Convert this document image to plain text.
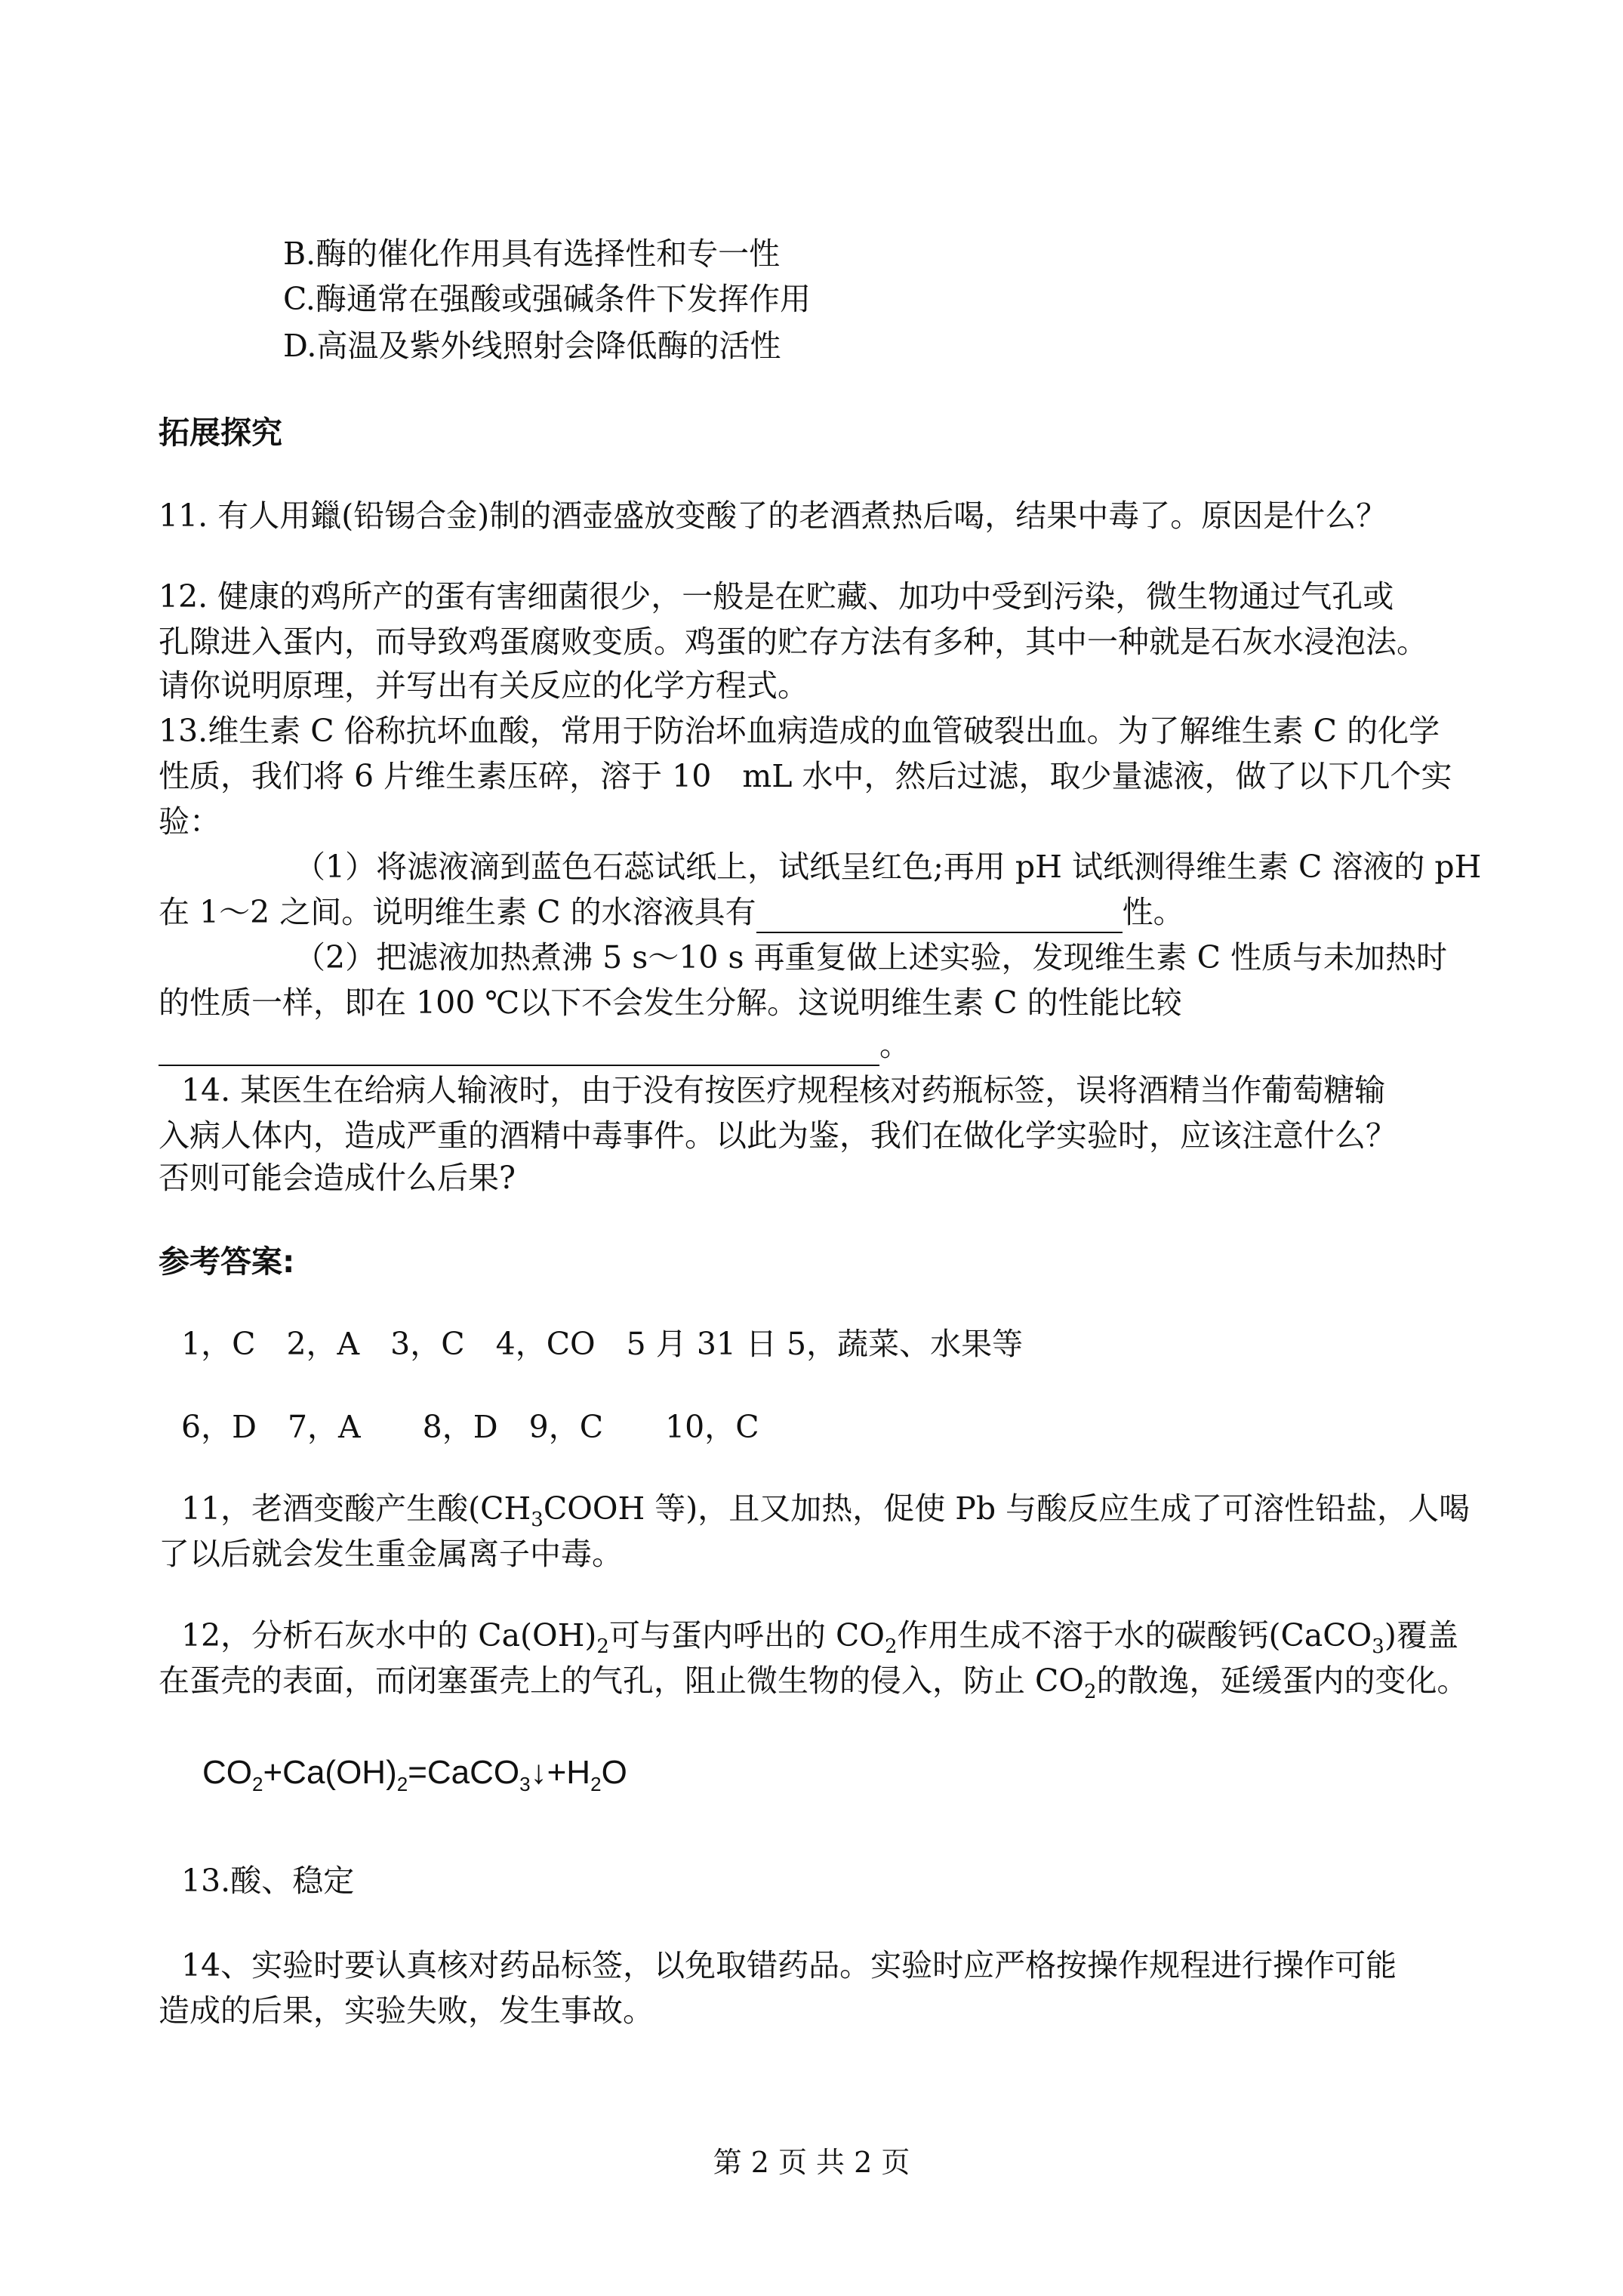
B.酶的催化作用具有选择性和专一性
C.酶通常在强酸或强碱条件下发挥作用
D.高温及紫外线照射会降低酶的活性
拓展探究
11. 有人用鑞(铅锡合金)制的酒壶盛放变酸了的老酒煮热后喝，结果中毒了。原因是什么？
12. 健康的鸡所产的蛋有害细菌很少，一般是在贮藏、加功中受到污染，微生物通过气孔或
孔隙进入蛋内，而导致鸡蛋腐败变质。鸡蛋的贮存方法有多种，其中一种就是石灰水浸泡法。
请你说明原理，并写出有关反应的化学方程式。
13.维生素 C 俗称抗坏血酸，常用于防治坏血病造成的血管破裂出血。为了解维生素 C 的化学
性质，我们将 6 片维生素压碎，溶于 10　mL 水中，然后过滤，取少量滤液，做了以下几个实
验：
（1）将滤液滴到蓝色石蕊试纸上，试纸呈红色;再用 pH 试纸测得维生素 C 溶液的 pH
在 1～2 之间。说明维生素 C 的水溶液具有	性。
（2）把滤液加热煮沸 5 s～10 s 再重复做上述实验，发现维生素 C 性质与未加热时
的性质一样，即在 100 ℃以下不会发生分解。这说明维生素 C 的性能比较
。
14. 某医生在给病人输液时，由于没有按医疗规程核对药瓶标签，误将酒精当作葡萄糖输
入病人体内，造成严重的酒精中毒事件。以此为鉴，我们在做化学实验时，应该注意什么？
否则可能会造成什么后果?
参考答案:
1，C　2，A　3，C　4，CO　5 月 31 日 5，蔬菜、水果等
6，D　7，A　　8，D　9，C　　10，C
11，老酒变酸产生酸($CH_3COOH$ 等)，且又加热，促使 Pb 与酸反应生成了可溶性铅盐，人喝
了以后就会发生重金属离子中毒。
12，分析石灰水中的 $Ca(OH)_2$可与蛋内呼出的 $CO_2$作用生成不溶于水的碳酸钙(CaCO$_3$)覆盖
在蛋壳的表面，而闭塞蛋壳上的气孔，阻止微生物的侵入，防止 $CO_2$的散逸，延缓蛋内的变化。
$CO_2+Ca(OH)_2=CaCO_3↓+H_2O$
13.酸、稳定
14、实验时要认真核对药品标签，以免取错药品。实验时应严格按操作规程进行操作可能
造成的后果，实验失败，发生事故。
第 2 页 共 2 页
